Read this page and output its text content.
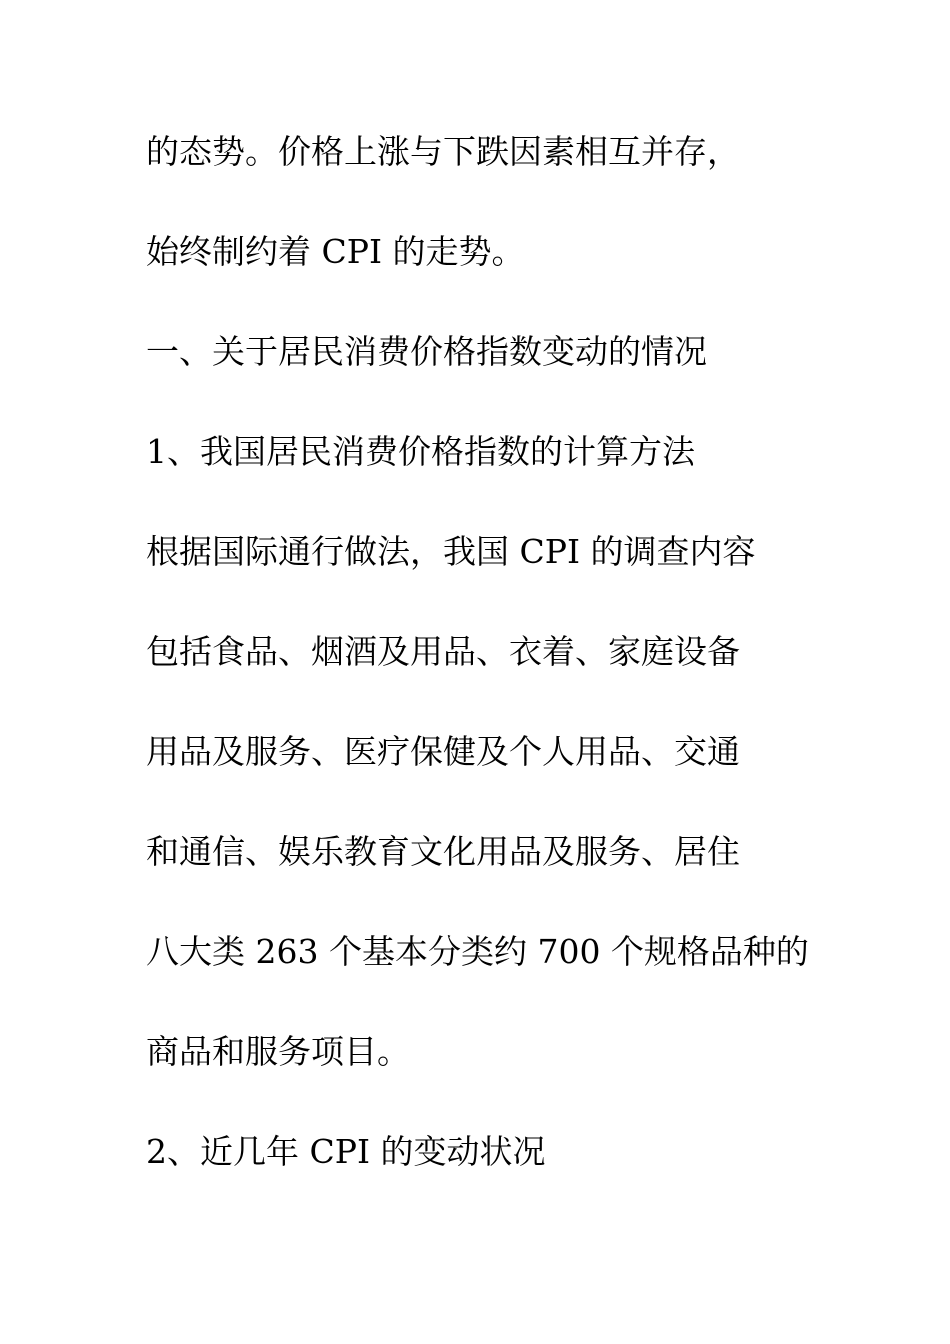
的态势。价格上涨与下跌因素相互并存，
始终制约着 CPI 的走势。
一、关于居民消费价格指数变动的情况
1、我国居民消费价格指数的计算方法
根据国际通行做法，我国 CPI 的调查内容
包括食品、烟酒及用品、衣着、家庭设备
用品及服务、医疗保健及个人用品、交通
和通信、娱乐教育文化用品及服务、居住
八大类 263 个基本分类约 700 个规格品种的
商品和服务项目。
2、近几年 CPI 的变动状况
